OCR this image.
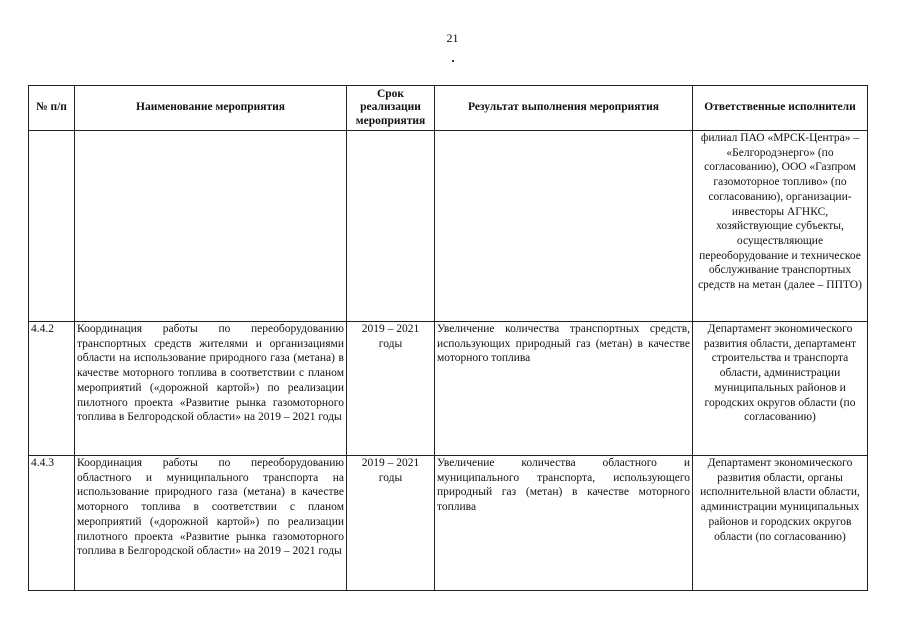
21
№ п/п	Наименование мероприятия	Срок реализации мероприятия	Результат выполнения мероприятия	Ответственные исполнители
				филиал ПАО «МРСК-Центра» – «Белгородэнерго» (по согласованию), ООО «Газпром газомоторное топливо» (по согласованию), организации-инвесторы АГНКС, хозяйствующие субъекты, осуществляющие переоборудование и техническое обслуживание транспортных средств на метан (далее – ППТО)
4.4.2	Координация работы по переоборудованию транспортных средств жителями и организациями области на использование природного газа (метана) в качестве моторного топлива в соответствии с планом мероприятий («дорожной картой») по реализации пилотного проекта «Развитие рынка газомоторного топлива в Белгородской области» на 2019 – 2021 годы	2019 – 2021 годы	Увеличение количества транспортных средств, использующих природный газ (метан) в качестве моторного топлива	Департамент экономического развития области, департамент строительства и транспорта области, администрации муниципальных районов и городских округов области (по согласованию)
4.4.3	Координация работы по переоборудованию областного и муниципального транспорта на использование природного газа (метана) в качестве моторного топлива в соответствии с планом мероприятий («дорожной картой») по реализации пилотного проекта «Развитие рынка газомоторного топлива в Белгородской области» на 2019 – 2021 годы	2019 – 2021 годы	Увеличение количества областного и муниципального транспорта, использующего природный газ (метан) в качестве моторного топлива	Департамент экономического развития области, органы исполнительной власти области, администрации муниципальных районов и городских округов области (по согласованию)
